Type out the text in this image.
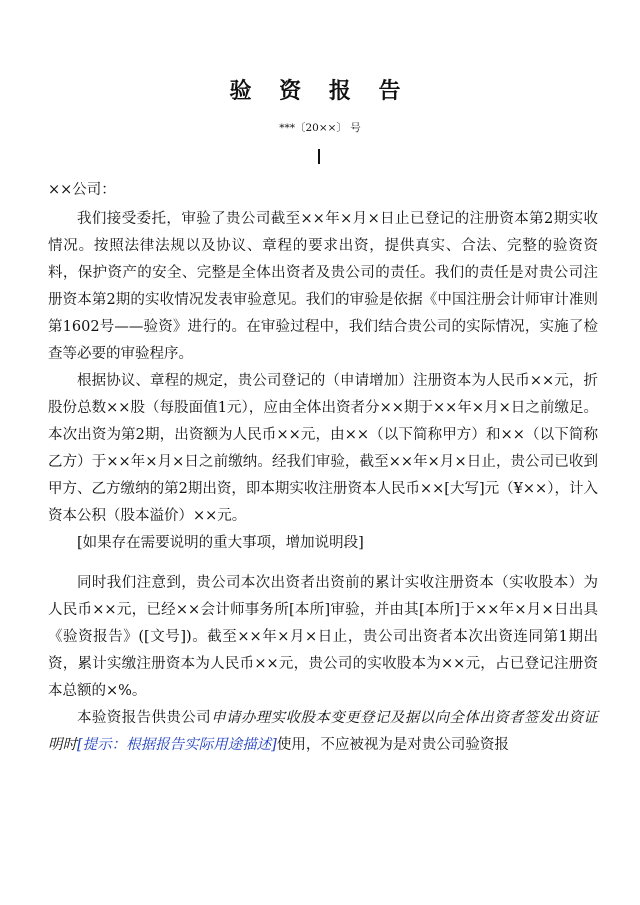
验 资 报 告
***〔20××〕 号
××公司：

我们接受委托，审验了贵公司截至××年×月×日止已登记的注册资本第2期实收情况。按照法律法规以及协议、章程的要求出资，提供真实、合法、完整的验资资料，保护资产的安全、完整是全体出资者及贵公司的责任。我们的责任是对贵公司注册资本第2期的实收情况发表审验意见。我们的审验是依据《中国注册会计师审计准则第1602号——验资》进行的。在审验过程中，我们结合贵公司的实际情况，实施了检查等必要的审验程序。

根据协议、章程的规定，贵公司登记的（申请增加）注册资本为人民币××元，折股份总数××股（每股面值1元），应由全体出资者分××期于××年×月×日之前缴足。本次出资为第2期，出资额为人民币××元，由××（以下简称甲方）和××（以下简称乙方）于××年×月×日之前缴纳。经我们审验，截至××年×月×日止，贵公司已收到甲方、乙方缴纳的第2期出资，即本期实收注册资本人民币××[大写]元（¥××），计入资本公积（股本溢价）××元。

[如果存在需要说明的重大事项，增加说明段]

同时我们注意到，贵公司本次出资者出资前的累计实收注册资本（实收股本）为人民币××元，已经××会计师事务所[本所]审验，并由其[本所]于××年×月×日出具《验资报告》([文号])。截至××年×月×日止，贵公司出资者本次出资连同第1期出资，累计实缴注册资本为人民币××元，贵公司的实收股本为××元，占已登记注册资本总额的×%。

本验资报告供贵公司申请办理实收股本变更登记及据以向全体出资者签发出资证明时[提示：根据报告实际用途描述]使用，不应被视为是对贵公司验资报
